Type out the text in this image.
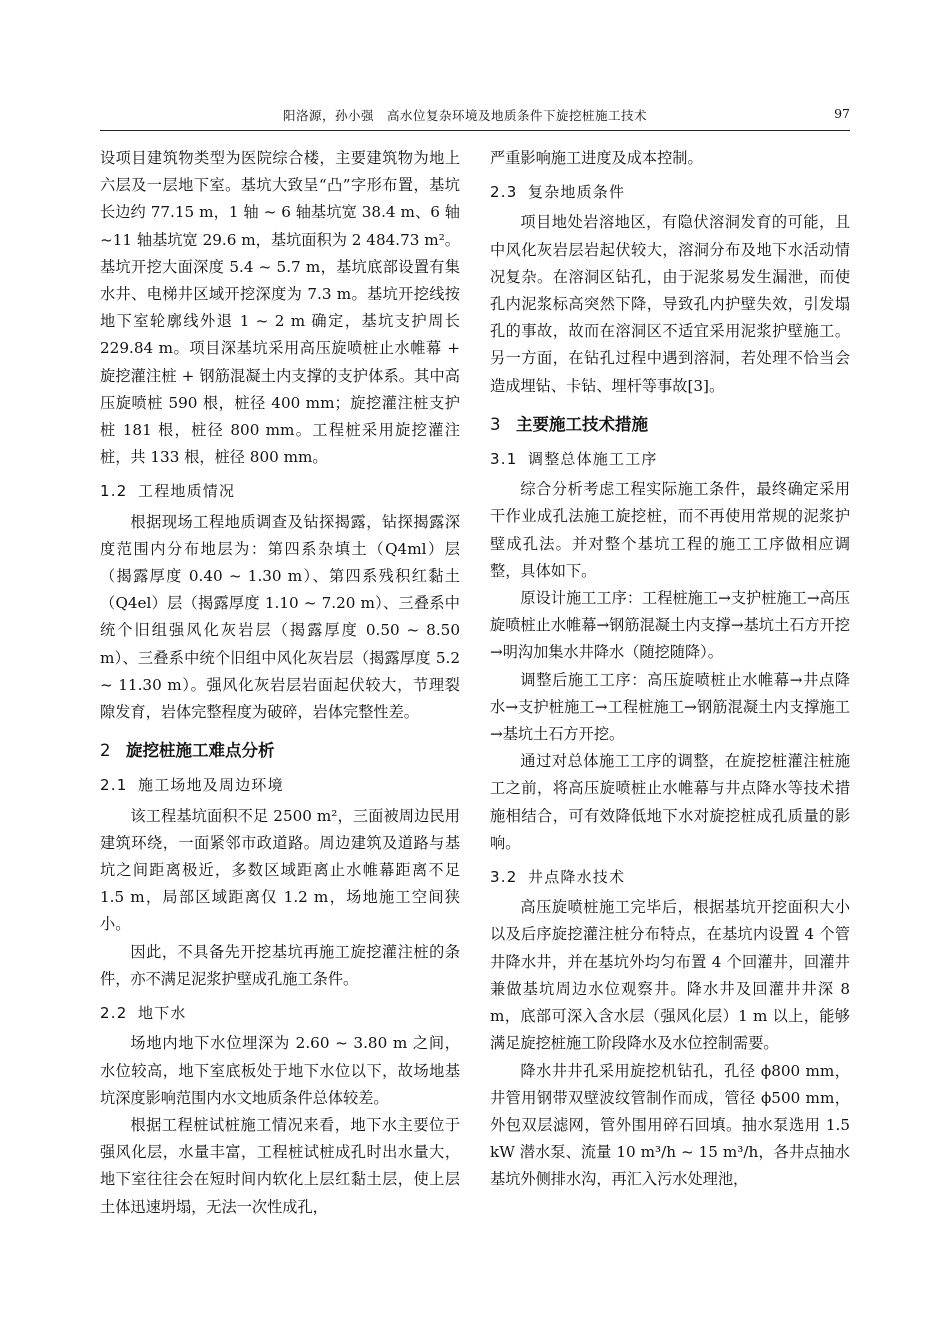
阳洛源，孙小强　高水位复杂环境及地质条件下旋挖桩施工技术	97

设项目建筑物类型为医院综合楼，主要建筑物为地上六层及一层地下室。基坑大致呈“凸”字形布置，基坑长边约 77.15 m，1 轴 ~ 6 轴基坑宽 38.4 m、6 轴 ~11 轴基坑宽 29.6 m，基坑面积为 2 484.73 m²。基坑开挖大面深度 5.4 ~ 5.7 m，基坑底部设置有集水井、电梯井区域开挖深度为 7.3 m。基坑开挖线按地下室轮廓线外退 1 ~ 2 m 确定，基坑支护周长 229.84 m。项目深基坑采用高压旋喷桩止水帷幕 + 旋挖灌注桩 + 钢筋混凝土内支撑的支护体系。其中高压旋喷桩 590 根，桩径 400 mm；旋挖灌注桩支护桩 181 根，桩径 800 mm。工程桩采用旋挖灌注桩，共 133 根，桩径 800 mm。

1.2 工程地质情况

根据现场工程地质调查及钻探揭露，钻探揭露深度范围内分布地层为：第四系杂填土（Q4ml）层（揭露厚度 0.40 ~ 1.30 m）、第四系残积红黏土（Q4el）层（揭露厚度 1.10 ~ 7.20 m）、三叠系中统个旧组强风化灰岩层（揭露厚度 0.50 ~ 8.50 m）、三叠系中统个旧组中风化灰岩层（揭露厚度 5.2 ~ 11.30 m）。强风化灰岩层岩面起伏较大，节理裂隙发育，岩体完整程度为破碎，岩体完整性差。

2 旋挖桩施工难点分析
2.1 施工场地及周边环境

该工程基坑面积不足 2500 m²，三面被周边民用建筑环绕，一面紧邻市政道路。周边建筑及道路与基坑之间距离极近，多数区域距离止水帷幕距离不足 1.5 m，局部区域距离仅 1.2 m，场地施工空间狭小。

因此，不具备先开挖基坑再施工旋挖灌注桩的条件，亦不满足泥浆护壁成孔施工条件。

2.2 地下水

场地内地下水位埋深为 2.60 ~ 3.80 m 之间，水位较高，地下室底板处于地下水位以下，故场地基坑深度影响范围内水文地质条件总体较差。

根据工程桩试桩施工情况来看，地下水主要位于强风化层，水量丰富，工程桩试桩成孔时出水量大，地下室往往会在短时间内软化上层红黏土层，使上层土体迅速坍塌，无法一次性成孔，

严重影响施工进度及成本控制。

2.3 复杂地质条件

项目地处岩溶地区，有隐伏溶洞发育的可能，且中风化灰岩层岩起伏较大，溶洞分布及地下水活动情况复杂。在溶洞区钻孔，由于泥浆易发生漏泄，而使孔内泥浆标高突然下降，导致孔内护壁失效，引发塌孔的事故，故而在溶洞区不适宜采用泥浆护壁施工。另一方面，在钻孔过程中遇到溶洞，若处理不恰当会造成埋钻、卡钻、埋杆等事故[3]。

3 主要施工技术措施
3.1 调整总体施工工序

综合分析考虑工程实际施工条件，最终确定采用干作业成孔法施工旋挖桩，而不再使用常规的泥浆护壁成孔法。并对整个基坑工程的施工工序做相应调整，具体如下。

原设计施工工序：工程桩施工→支护桩施工→高压旋喷桩止水帷幕→钢筋混凝土内支撑→基坑土石方开挖→明沟加集水井降水（随挖随降）。

调整后施工工序：高压旋喷桩止水帷幕→井点降水→支护桩施工→工程桩施工→钢筋混凝土内支撑施工→基坑土石方开挖。

通过对总体施工工序的调整，在旋挖桩灌注桩施工之前，将高压旋喷桩止水帷幕与井点降水等技术措施相结合，可有效降低地下水对旋挖桩成孔质量的影响。

3.2 井点降水技术

高压旋喷桩施工完毕后，根据基坑开挖面积大小以及后序旋挖灌注桩分布特点，在基坑内设置 4 个管井降水井，并在基坑外均匀布置 4 个回灌井，回灌井兼做基坑周边水位观察井。降水井及回灌井井深 8 m，底部可深入含水层（强风化层）1 m 以上，能够满足旋挖桩施工阶段降水及水位控制需要。

降水井井孔采用旋挖机钻孔，孔径 ϕ800 mm，井管用钢带双壁波纹管制作而成，管径 ϕ500 mm，外包双层滤网，管外围用碎石回填。抽水泵选用 1.5 kW 潜水泵、流量 10 m³/h ~ 15 m³/h，各井点抽水基坑外侧排水沟，再汇入污水处理池，
